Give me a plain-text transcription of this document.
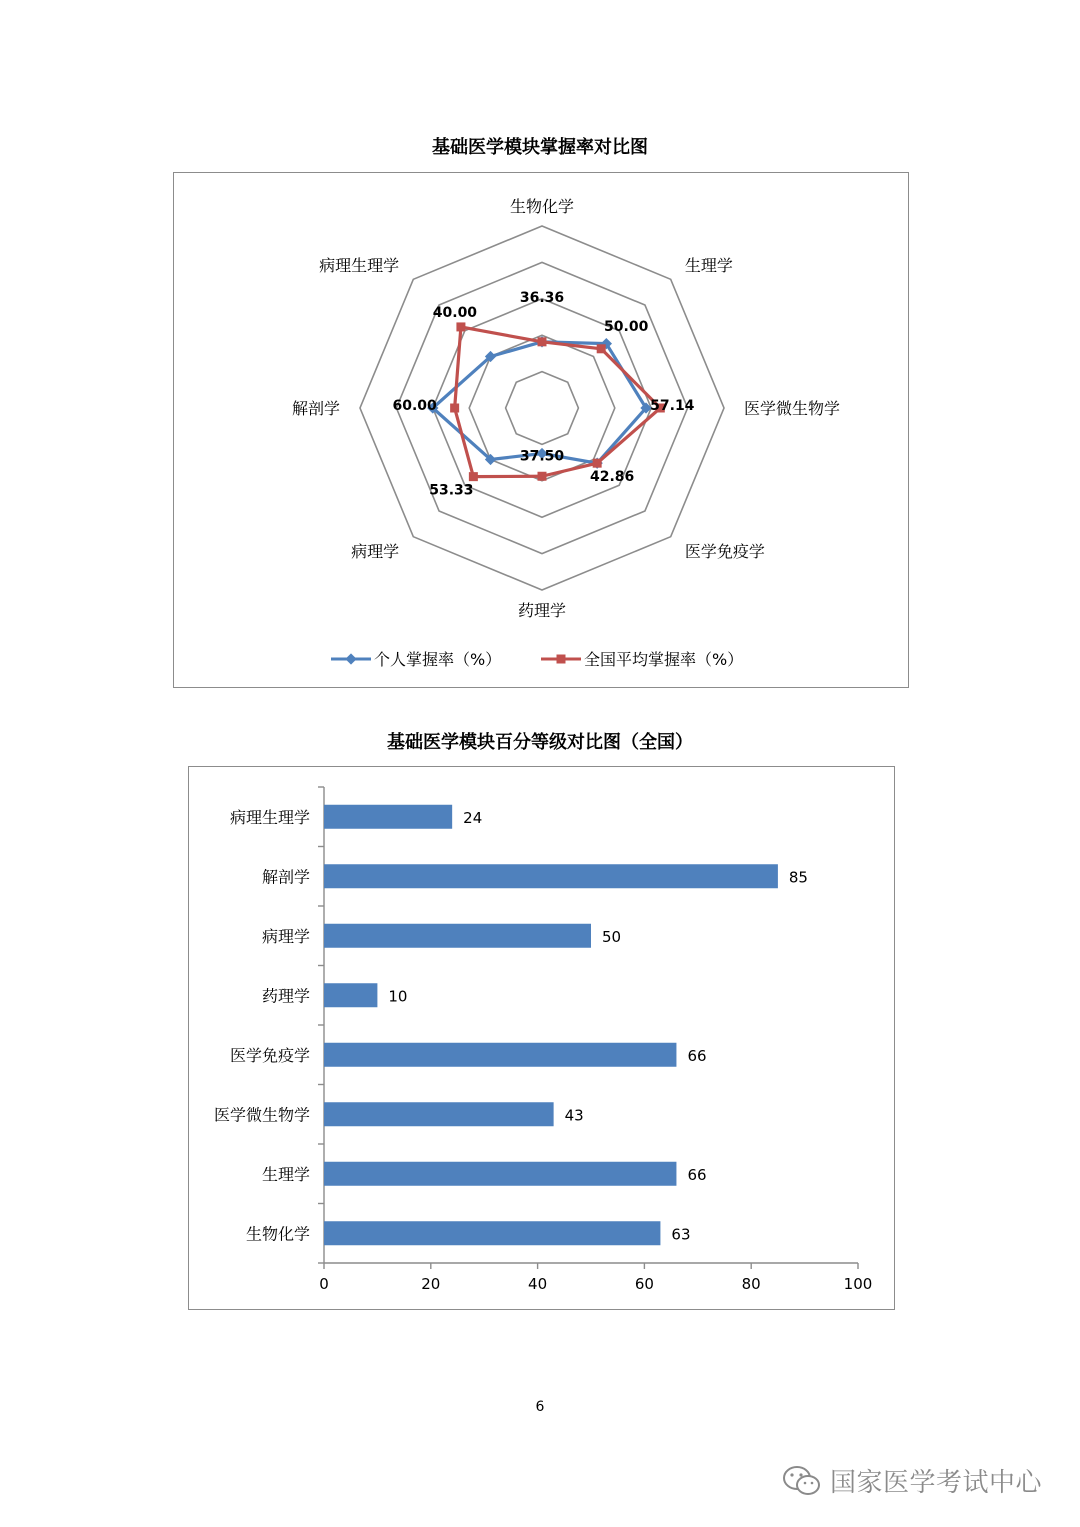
基础医学模块掌握率对比图
生物化学
生理学
医学微生物学
医学免疫学
药理学
病理学
解剖学
病理生理学
36.36
50.00
57.14
42.86
37.50
53.33
60.00
40.00
个人掌握率（%）	全国平均掌握率（%）
基础医学模块百分等级对比图（全国）
0	20	40	60	80	100
病理生理学	24
解剖学	85
病理学	50
药理学	10
医学免疫学	66
医学微生物学	43
生理学	66
生物化学	63
6
国家医学考试中心
